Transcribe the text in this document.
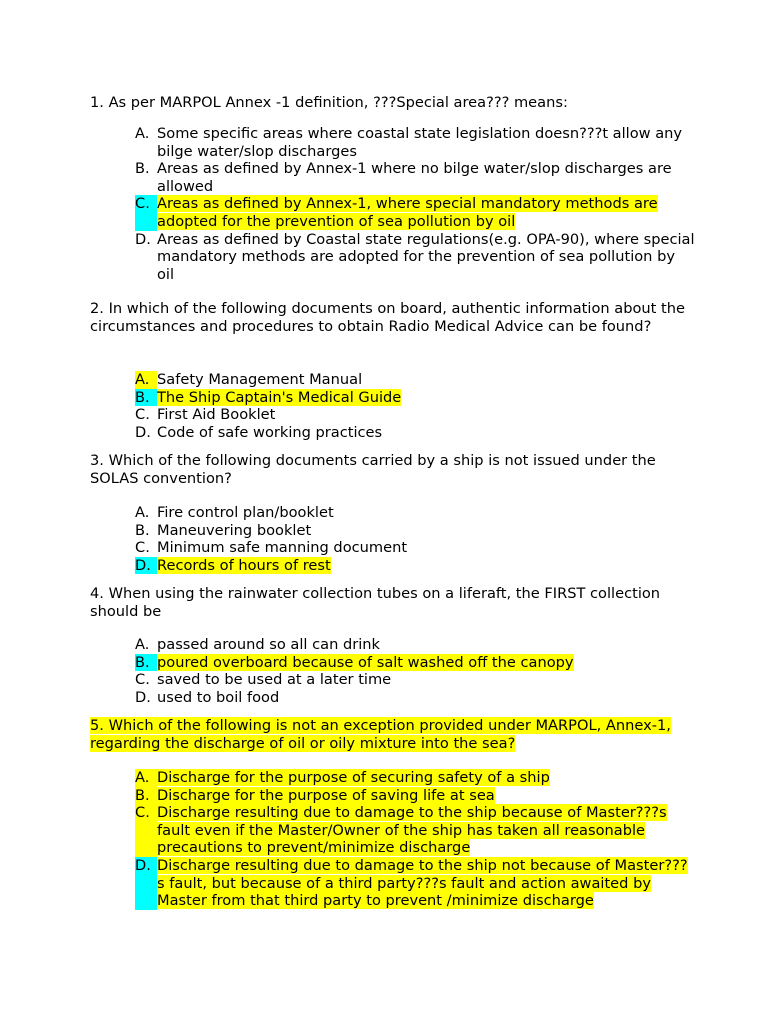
1. As per MARPOL Annex -1 definition, ???Special area??? means:

A. Some specific areas where coastal state legislation doesn???t allow any bilge water/slop discharges
B. Areas as defined by Annex-1 where no bilge water/slop discharges are allowed
C. Areas as defined by Annex-1, where special mandatory methods are adopted for the prevention of sea pollution by oil
D. Areas as defined by Coastal state regulations(e.g. OPA-90), where special mandatory methods are adopted for the prevention of sea pollution by oil

2. In which of the following documents on board, authentic information about the circumstances and procedures to obtain Radio Medical Advice can be found?

A. Safety Management Manual
B. The Ship Captain's Medical Guide
C. First Aid Booklet
D. Code of safe working practices

3. Which of the following documents carried by a ship is not issued under the SOLAS convention?

A. Fire control plan/booklet
B. Maneuvering booklet
C. Minimum safe manning document
D. Records of hours of rest

4. When using the rainwater collection tubes on a liferaft, the FIRST collection should be

A. passed around so all can drink
B. poured overboard because of salt washed off the canopy
C. saved to be used at a later time
D. used to boil food

5. Which of the following is not an exception provided under MARPOL, Annex-1, regarding the discharge of oil or oily mixture into the sea?

A. Discharge for the purpose of securing safety of a ship
B. Discharge for the purpose of saving life at sea
C. Discharge resulting due to damage to the ship because of Master???s fault even if the Master/Owner of the ship has taken all reasonable precautions to prevent/minimize discharge
D. Discharge resulting due to damage to the ship not because of Master???s fault, but because of a third party???s fault and action awaited by Master from that third party to prevent /minimize discharge
